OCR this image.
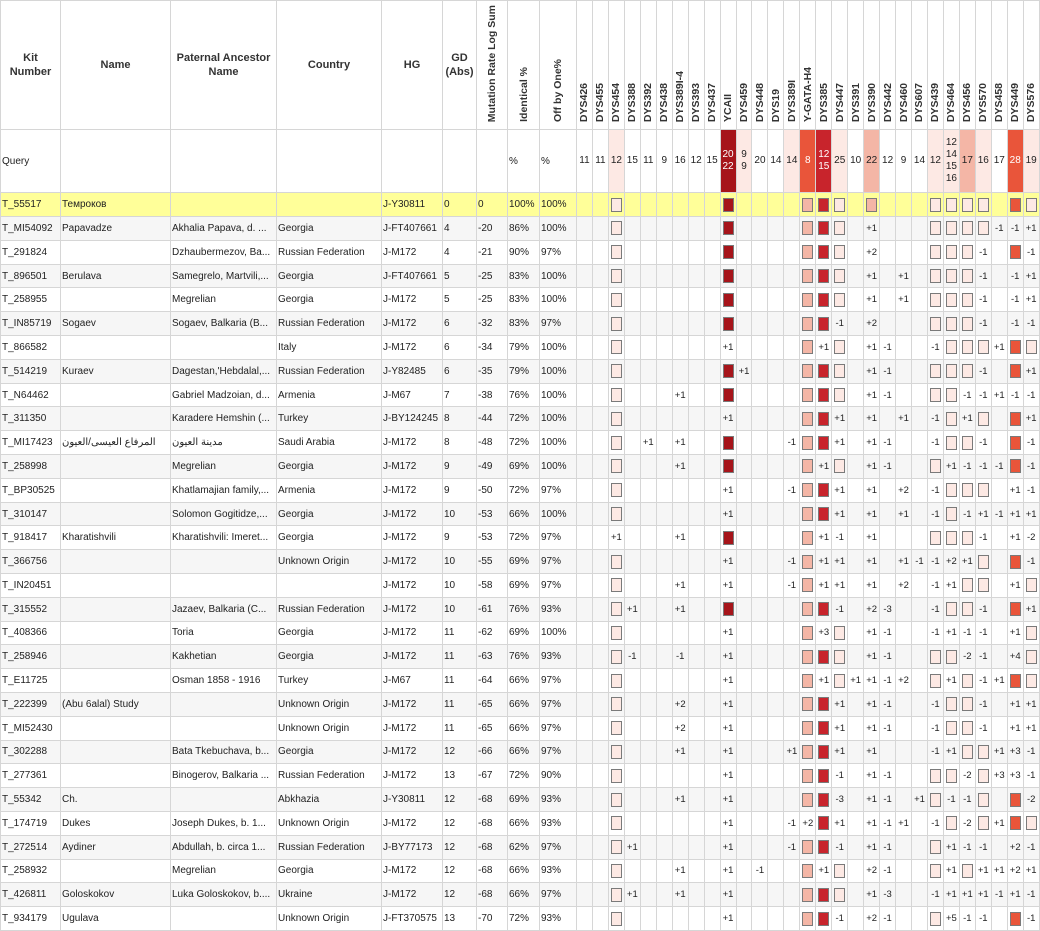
Kit Number	Name	Paternal Ancestor Name	Country	HG	GD (Abs)	Mutation Rate Log Sum	Identical %	Off by One%	DYS426	DYS455	DYS454	DYS388	DYS392	DYS438	DYS389I-4	DYS393	DYS437	YCAII	DYS459	DYS448	DYS19	DYS389I	Y-GATA-H4	DYS385	DYS447	DYS391	DYS390	DYS442	DYS460	DYS607	DYS439	DYS464	DYS456	DYS570	DYS458	DYS449	DYS576
Query							%	%	11	11	12	15	11	9	16	12	15	20 22	9 9	20	14	14	8	12 15	25	10	22	12	9	14	12	12 14 15 16	17	16	17	28	19
T_55517	Темроков			J-Y30811	0	0	100%	100%																													
T_MI54092	Papavadze	Akhalia Papava, d. ...	Georgia	J-FT407661	4	-20	86%	100%																			+1								-1	-1	+1
T_291824		Dzhaubermezov, Ba...	Russian Federation	J-M172	4	-21	90%	97%																			+2							-1			-1
T_896501	Berulava	Samegrelo, Martvili,...	Georgia	J-FT407661	5	-25	83%	100%																			+1		+1					-1		-1	+1
T_258955		Megrelian	Georgia	J-M172	5	-25	83%	100%																			+1		+1					-1		-1	+1
T_IN85719	Sogaev	Sogaev, Balkaria (B...	Russian Federation	J-M172	6	-32	83%	97%																	-1		+2							-1		-1	-1
T_866582			Italy	J-M172	6	-34	79%	100%										+1						+1			+1	-1			-1				+1		
T_514219	Kuraev	Dagestan,'Hebdalal,...	Russian Federation	J-Y82485	6	-35	79%	100%											+1								+1	-1						-1			+1
T_N64462		Gabriel Madzoian, d...	Armenia	J-M67	7	-38	76%	100%							+1												+1	-1					-1	-1	+1	-1	-1
T_311350		Karadere Hemshin (...	Turkey	J-BY124245	8	-44	72%	100%										+1							+1		+1		+1		-1		+1				+1
T_MI17423	المرفاع العيسى/العيون	مدينة العيون	Saudi Arabia	J-M172	8	-48	72%	100%					+1		+1							-1			+1		+1	-1			-1			-1			-1
T_258998		Megrelian	Georgia	J-M172	9	-49	69%	100%							+1									+1			+1	-1				+1	-1	-1	-1		-1
T_BP30525		Khatlamajian family,...	Armenia	J-M172	9	-50	72%	97%										+1				-1			+1		+1		+2		-1					+1	-1
T_310147		Solomon Gogitidze,...	Georgia	J-M172	10	-53	66%	100%										+1							+1		+1		+1		-1		-1	+1	-1	+1	+1
T_918417	Kharatishvili	Kharatishvili: Imeret...	Georgia	J-M172	9	-53	72%	97%			+1				+1									+1	-1		+1							-1		+1	-2
T_366756			Unknown Origin	J-M172	10	-55	69%	97%										+1				-1		+1	+1		+1		+1	-1	-1	+2	+1				-1
T_IN20451				J-M172	10	-58	69%	97%							+1			+1				-1		+1	+1		+1		+2		-1	+1				+1	
T_315552		Jazaev, Balkaria (C...	Russian Federation	J-M172	10	-61	76%	93%				+1			+1										-1		+2	-3			-1			-1			+1
T_408366		Toria	Georgia	J-M172	11	-62	69%	100%										+1						+3			+1	-1			-1	+1	-1	-1		+1	
T_258946		Kakhetian	Georgia	J-M172	11	-63	76%	93%				-1			-1			+1									+1	-1					-2	-1		+4	
T_E11725		Osman 1858 - 1916	Turkey	J-M67	11	-64	66%	97%										+1						+1		+1	+1	-1	+2			+1		-1	+1		
T_222399	(Abu 6alal) Study		Unknown Origin	J-M172	11	-65	66%	97%							+2			+1							+1		+1	-1			-1			-1		+1	+1
T_MI52430			Unknown Origin	J-M172	11	-65	66%	97%							+2			+1							+1		+1	-1			-1			-1		+1	+1
T_302288		Bata Tkebuchava, b...	Georgia	J-M172	12	-66	66%	97%							+1			+1				+1			+1		+1				-1	+1			+1	+3	-1
T_277361		Binogerov, Balkaria ...	Russian Federation	J-M172	13	-67	72%	90%										+1							-1		+1	-1					-2		+3	+3	-1
T_55342	Ch.		Abkhazia	J-Y30811	12	-68	69%	93%							+1			+1							-3		+1	-1		+1		-1	-1				-2
T_174719	Dukes	Joseph Dukes, b. 1...	Unknown Origin	J-M172	12	-68	66%	93%										+1				-1	+2		+1		+1	-1	+1		-1		-2		+1		
T_272514	Aydiner	Abdullah, b. circa 1...	Russian Federation	J-BY77173	12	-68	62%	97%				+1						+1				-1			-1		+1	-1				+1	-1	-1		+2	-1
T_258932		Megrelian	Georgia	J-M172	12	-68	66%	93%							+1			+1		-1				+1			+2	-1				+1		+1	+1	+2	+1
T_426811	Goloskokov	Luka Goloskokov, b....	Ukraine	J-M172	12	-68	66%	97%				+1			+1			+1									+1	-3			-1	+1	+1	+1	-1	+1	-1
T_934179	Ugulava		Unknown Origin	J-FT370575	13	-70	72%	93%										+1							-1		+2	-1				+5	-1	-1			-1
